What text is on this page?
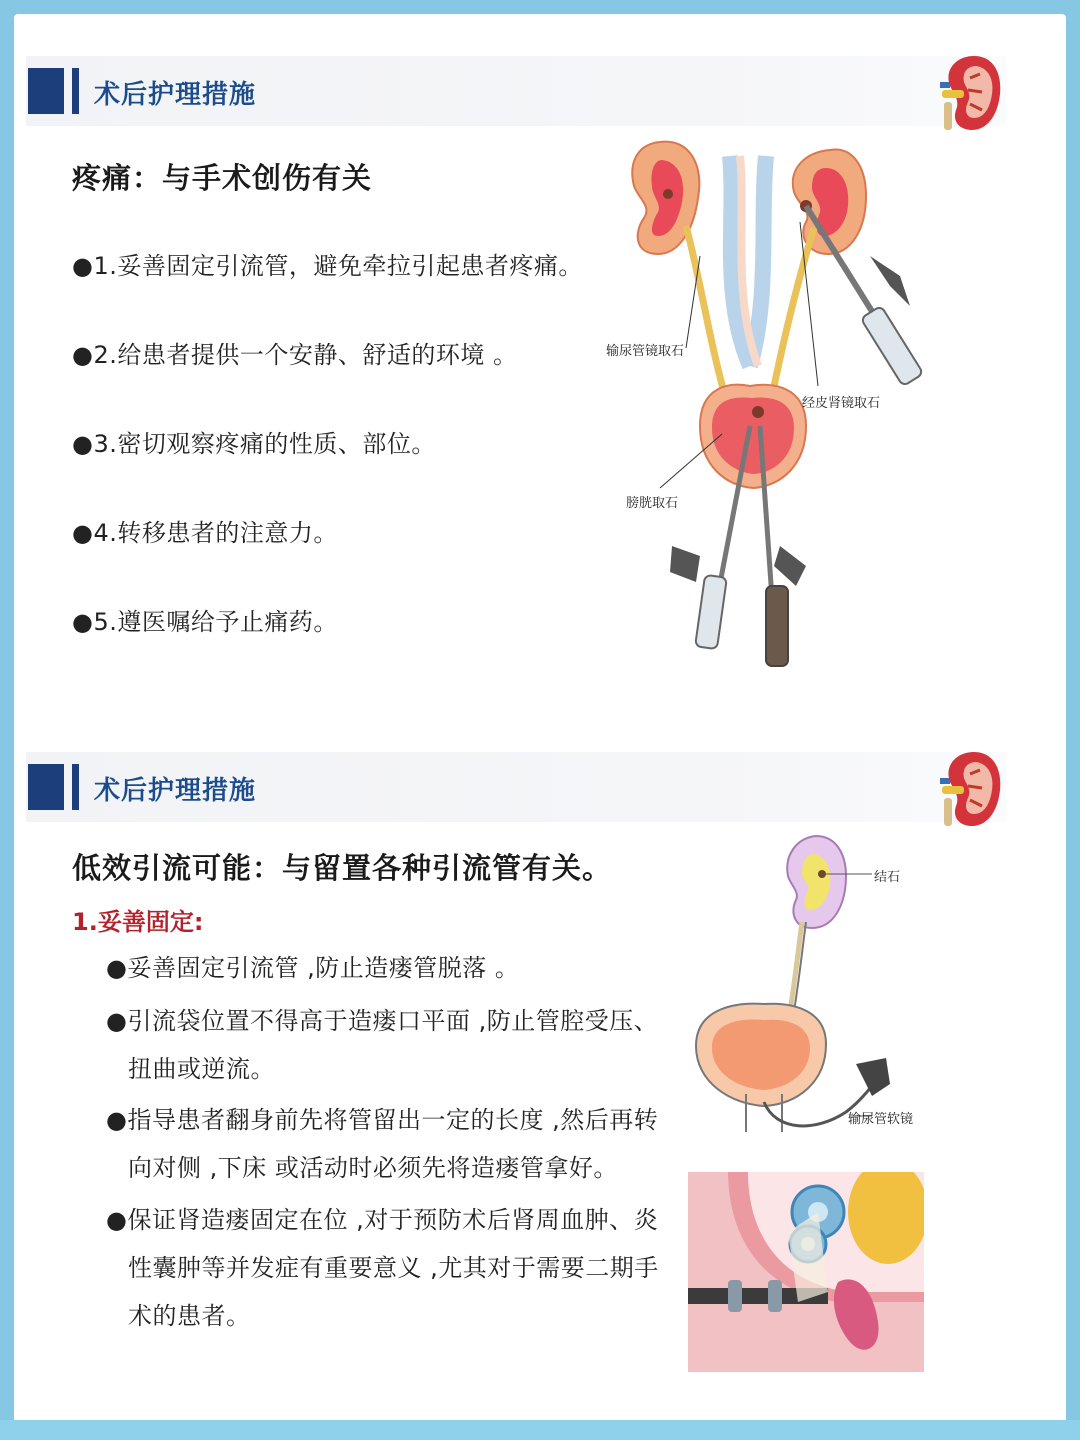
术后护理措施
疼痛：与手术创伤有关
●1.妥善固定引流管，避免牵拉引起患者疼痛。
●2.给患者提供一个安静、舒适的环境 。
●3.密切观察疼痛的性质、部位。
●4.转移患者的注意力。
●5.遵医嘱给予止痛药。
输尿管镜取石
经皮肾镜取石
膀胱取石
术后护理措施
低效引流可能：与留置各种引流管有关。
1.妥善固定:
●妥善固定引流管 ,防止造瘘管脱落 。
●引流袋位置不得高于造瘘口平面 ,防止管腔受压、
扭曲或逆流。
●指导患者翻身前先将管留出一定的长度 ,然后再转
向对侧 ,下床 或活动时必须先将造瘘管拿好。
●保证肾造瘘固定在位 ,对于预防术后肾周血肿、炎
性囊肿等并发症有重要意义 ,尤其对于需要二期手
术的患者。
结石
输尿管软镜
